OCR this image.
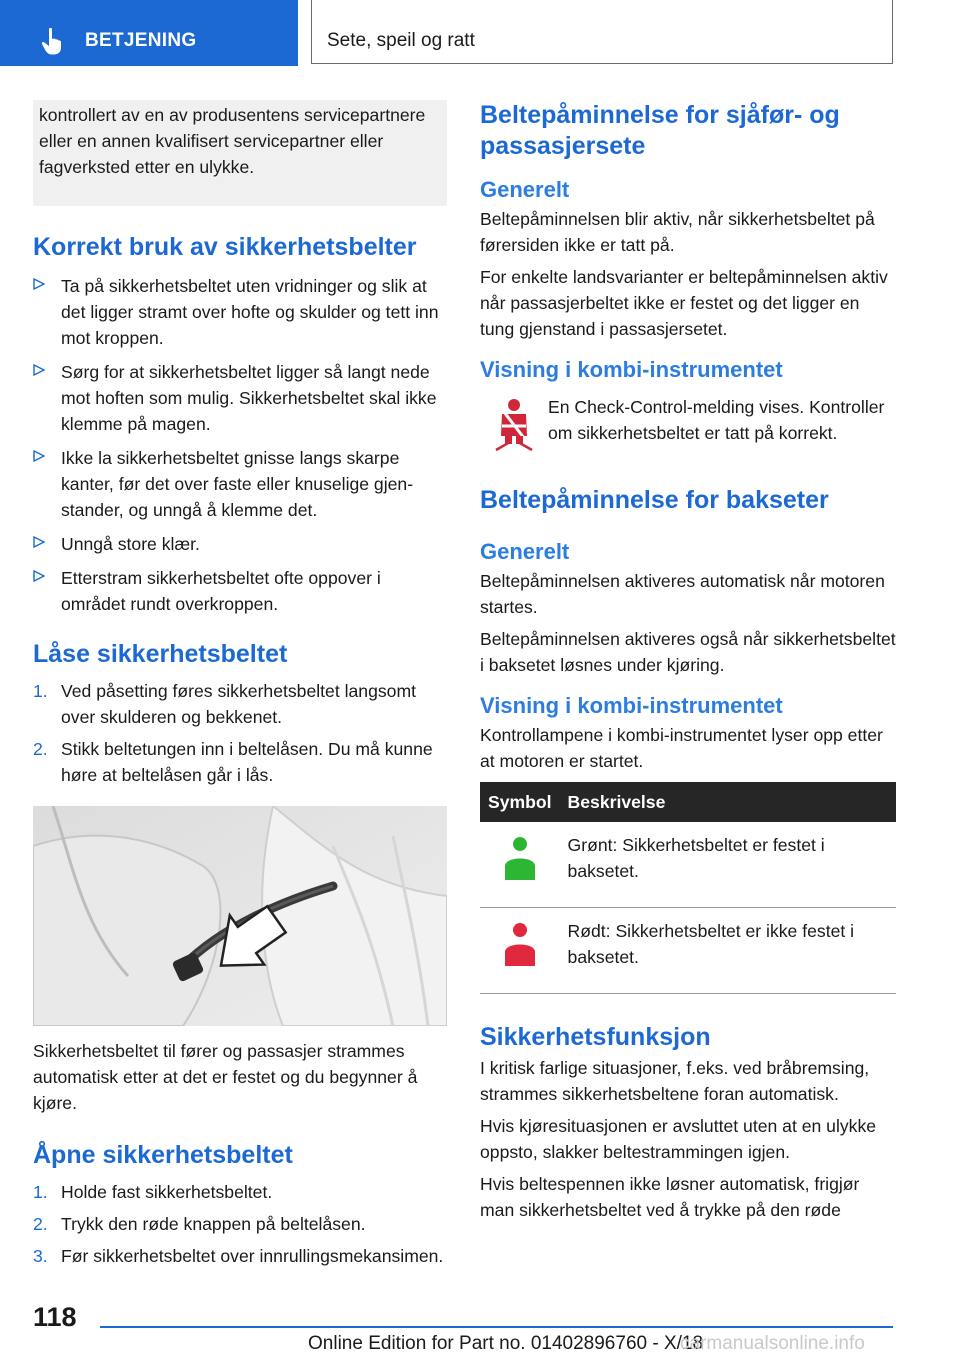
BETJENING	Sete, speil og ratt

kontrollert av en av produsentens servicepartnere eller en annen kvalifisert servicepartner eller fagverksted etter en ulykke.

Korrekt bruk av sikkerhetsbelter
Ta på sikkerhetsbeltet uten vridninger og slik at det ligger stramt over hofte og skulder og tett inn mot kroppen.
Sørg for at sikkerhetsbeltet ligger så langt nede mot hoften som mulig. Sikkerhetsbeltet skal ikke klemme på magen.
Ikke la sikkerhetsbeltet gnisse langs skarpe kanter, før det over faste eller knuselige gjenstander, og unngå å klemme det.
Unngå store klær.
Etterstram sikkerhetsbeltet ofte oppover i området rundt overkroppen.
Låse sikkerhetsbeltet
1. Ved påsetting føres sikkerhetsbeltet langsomt over skulderen og bekkenet.
2. Stikk beltetungen inn i beltelåsen. Du må kunne høre at beltelåsen går i lås.

Sikkerhetsbeltet til fører og passasjer strammes automatisk etter at det er festet og du begynner å kjøre.

Åpne sikkerhetsbeltet
1. Holde fast sikkerhetsbeltet.
2. Trykk den røde knappen på beltelåsen.
3. Før sikkerhetsbeltet over innrullingsmekansimen.
Beltepåminnelse for sjåfør- og passasjersete
Generelt

Beltepåminnelsen blir aktiv, når sikkerhetsbeltet på førersiden ikke er tatt på.

For enkelte landsvarianter er beltepåminnelsen aktiv når passasjerbeltet ikke er festet og det ligger en tung gjenstand i passasjersetet.

Visning i kombi-instrumentet

En Check-Control-melding vises. Kontroller om sikkerhetsbeltet er tatt på korrekt.

Beltepåminnelse for bakseter
Generelt

Beltepåminnelsen aktiveres automatisk når motoren startes.

Beltepåminnelsen aktiveres også når sikkerhetsbeltet i baksetet løsnes under kjøring.

Visning i kombi-instrumentet

Kontrollampene i kombi-instrumentet lyser opp etter at motoren er startet.

Symbol	Beskrivelse
	Grønt: Sikkerhetsbeltet er festet i baksetet.
	Rødt: Sikkerhetsbeltet er ikke festet i baksetet.
Sikkerhetsfunksjon

I kritisk farlige situasjoner, f.eks. ved bråbremsing, strammes sikkerhetsbeltene foran automatisk.

Hvis kjøresituasjonen er avsluttet uten at en ulykke oppsto, slakker beltestrammingen igjen.

Hvis beltespennen ikke løsner automatisk, frigjør man sikkerhetsbeltet ved å trykke på den røde

118
Online Edition for Part no. 01402896760 - X/18
carmanualsonline.info
